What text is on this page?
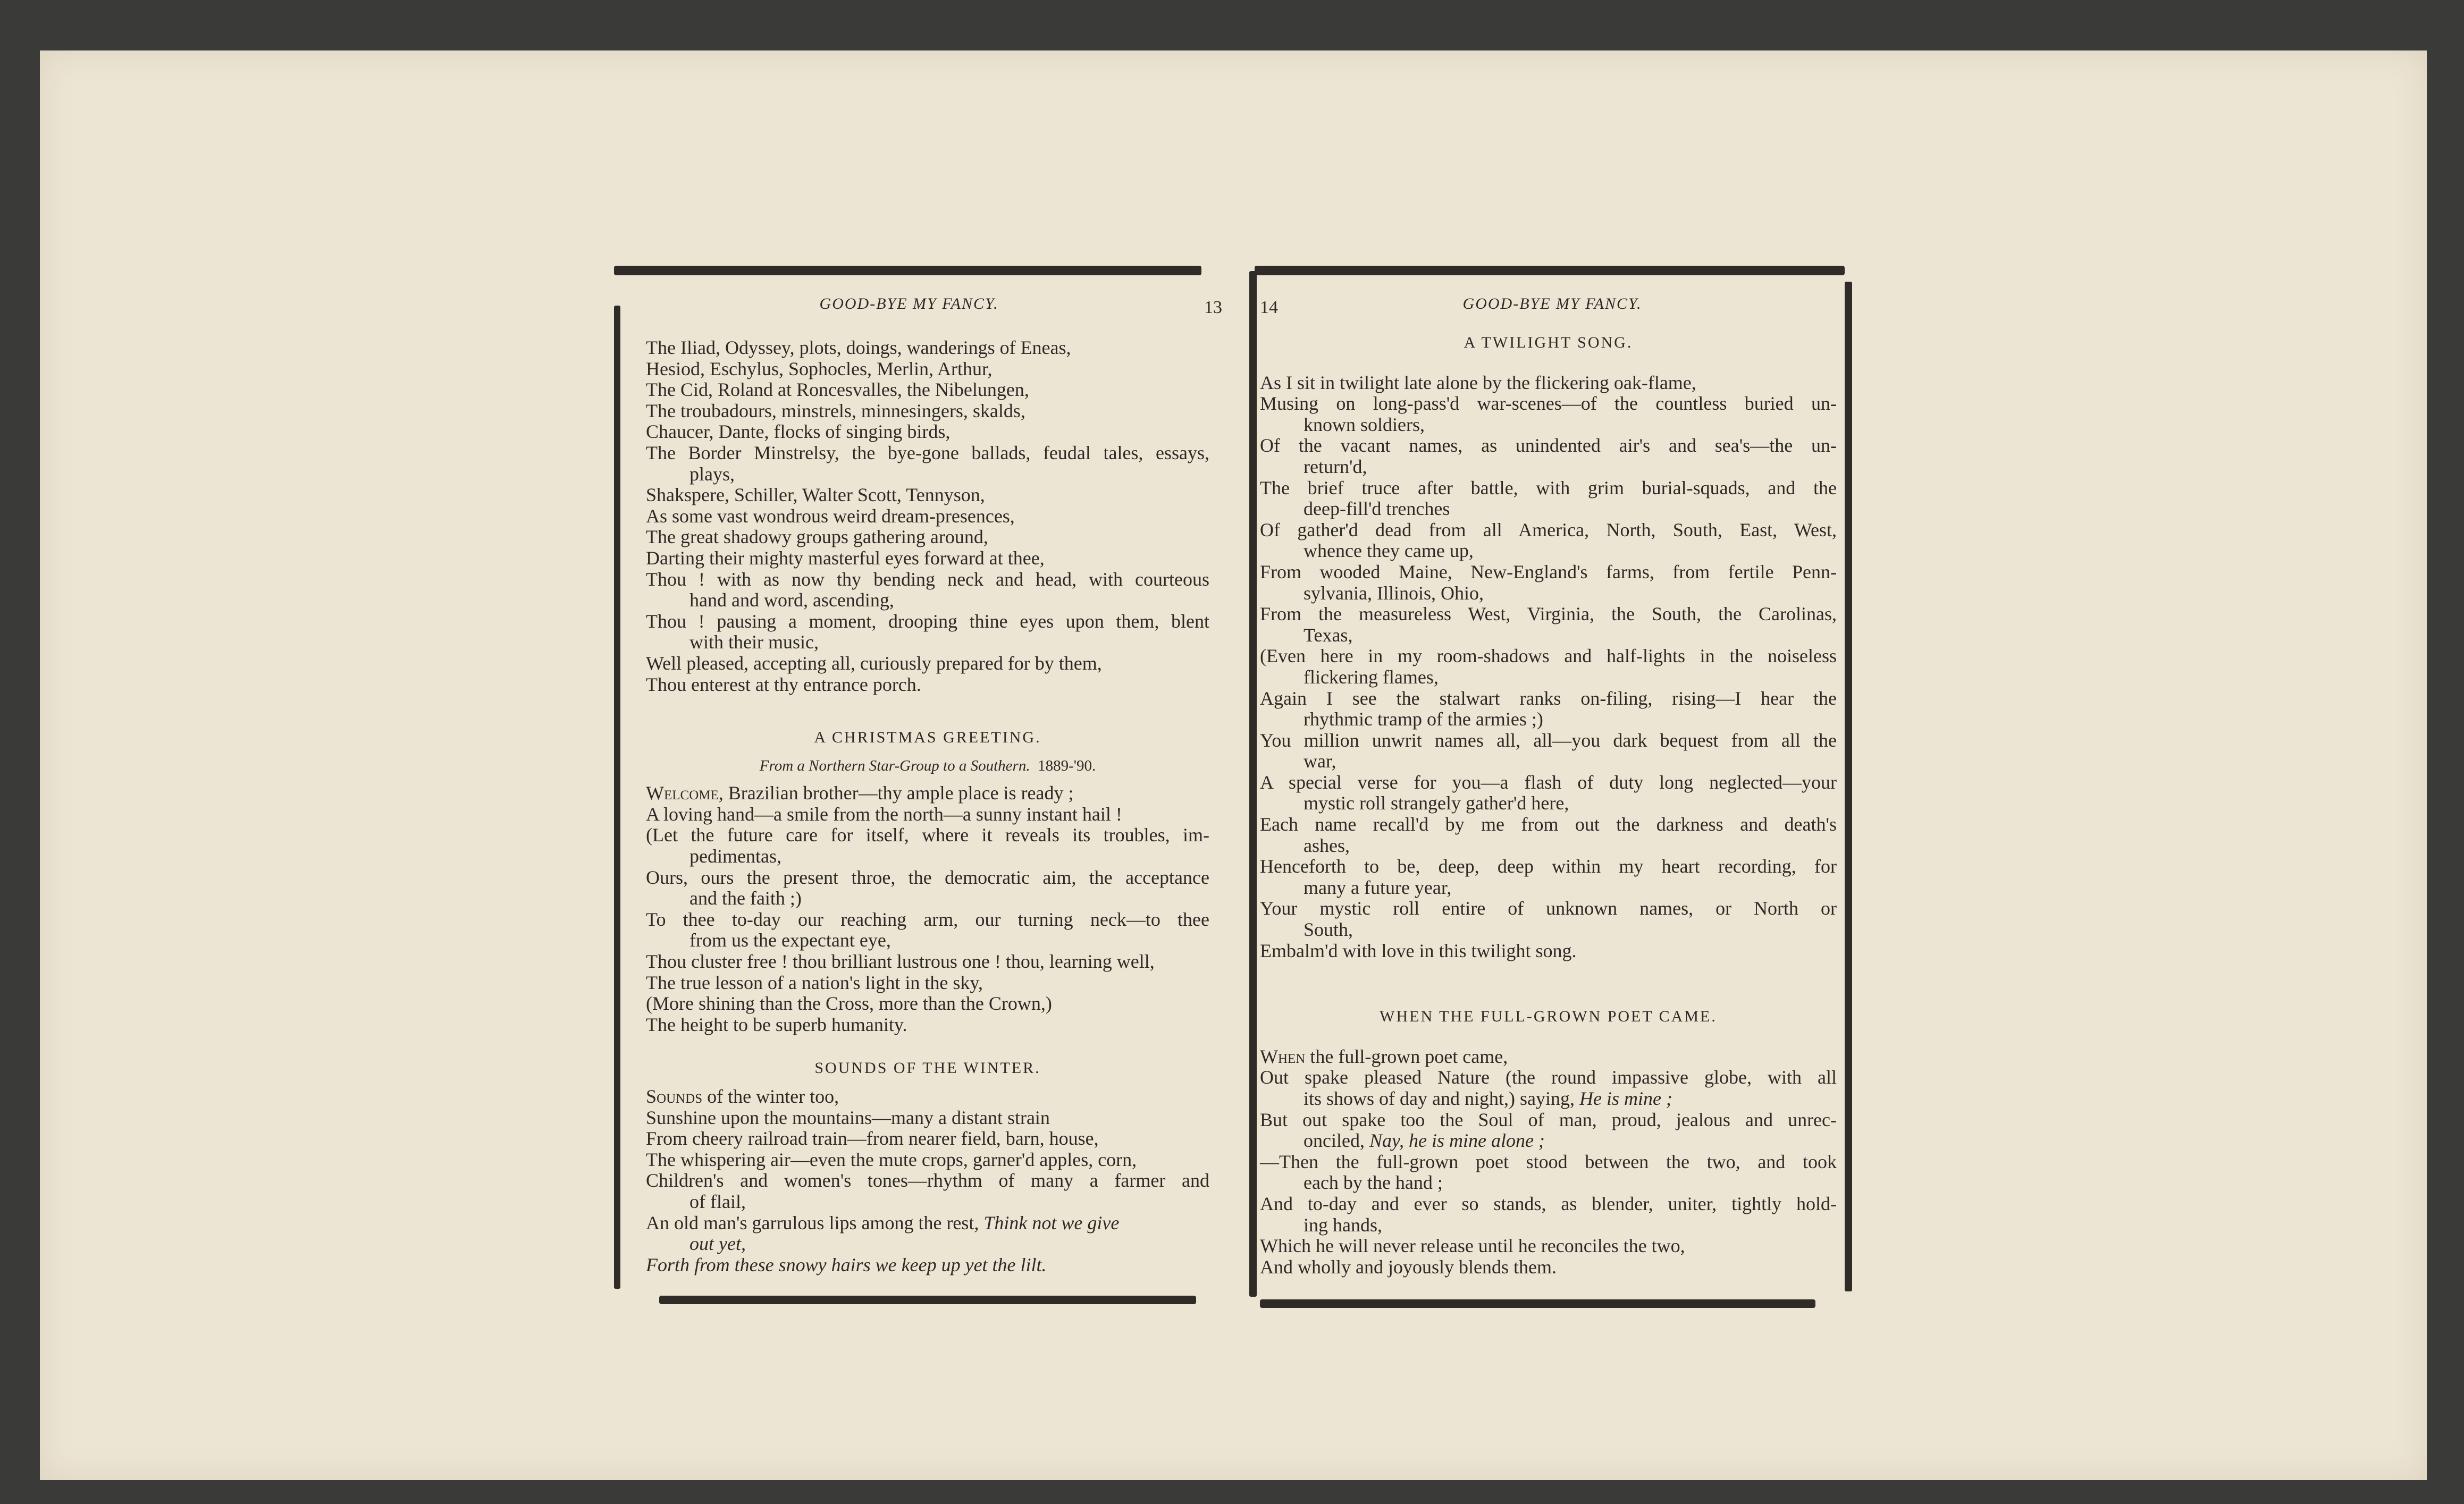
GOOD-BYE MY FANCY.	13
The Iliad, Odyssey, plots, doings, wanderings of Eneas,
Hesiod, Eschylus, Sophocles, Merlin, Arthur,
The Cid, Roland at Roncesvalles, the Nibelungen,
The troubadours, minstrels, minnesingers, skalds,
Chaucer, Dante, flocks of singing birds,
The Border Minstrelsy, the bye-gone ballads, feudal tales, essays,
plays,
Shakspere, Schiller, Walter Scott, Tennyson,
As some vast wondrous weird dream-presences,
The great shadowy groups gathering around,
Darting their mighty masterful eyes forward at thee,
Thou ! with as now thy bending neck and head, with courteous
hand and word, ascending,
Thou ! pausing a moment, drooping thine eyes upon them, blent
with their music,
Well pleased, accepting all, curiously prepared for by them,
Thou enterest at thy entrance porch.
A CHRISTMAS GREETING.
From a Northern Star-Group to a Southern. 1889-'90.
Welcome, Brazilian brother—thy ample place is ready ;
A loving hand—a smile from the north—a sunny instant hail !
(Let the future care for itself, where it reveals its troubles, im-
pedimentas,
Ours, ours the present throe, the democratic aim, the acceptance
and the faith ;)
To thee to-day our reaching arm, our turning neck—to thee
from us the expectant eye,
Thou cluster free ! thou brilliant lustrous one ! thou, learning well,
The true lesson of a nation's light in the sky,
(More shining than the Cross, more than the Crown,)
The height to be superb humanity.
SOUNDS OF THE WINTER.
Sounds of the winter too,
Sunshine upon the mountains—many a distant strain
From cheery railroad train—from nearer field, barn, house,
The whispering air—even the mute crops, garner'd apples, corn,
Children's and women's tones—rhythm of many a farmer and
of flail,
An old man's garrulous lips among the rest, Think not we give
out yet,
Forth from these snowy hairs we keep up yet the lilt.
GOOD-BYE MY FANCY.
14
A TWILIGHT SONG.
As I sit in twilight late alone by the flickering oak-flame,
Musing on long-pass'd war-scenes—of the countless buried un-
known soldiers,
Of the vacant names, as unindented air's and sea's—the un-
return'd,
The brief truce after battle, with grim burial-squads, and the
deep-fill'd trenches
Of gather'd dead from all America, North, South, East, West,
whence they came up,
From wooded Maine, New-England's farms, from fertile Penn-
sylvania, Illinois, Ohio,
From the measureless West, Virginia, the South, the Carolinas,
Texas,
(Even here in my room-shadows and half-lights in the noiseless
flickering flames,
Again I see the stalwart ranks on-filing, rising—I hear the
rhythmic tramp of the armies ;)
You million unwrit names all, all—you dark bequest from all the
war,
A special verse for you—a flash of duty long neglected—your
mystic roll strangely gather'd here,
Each name recall'd by me from out the darkness and death's
ashes,
Henceforth to be, deep, deep within my heart recording, for
many a future year,
Your mystic roll entire of unknown names, or North or
South,
Embalm'd with love in this twilight song.
WHEN THE FULL-GROWN POET CAME.
When the full-grown poet came,
Out spake pleased Nature (the round impassive globe, with all
its shows of day and night,) saying, He is mine ;
But out spake too the Soul of man, proud, jealous and unrec-
onciled, Nay, he is mine alone ;
—Then the full-grown poet stood between the two, and took
each by the hand ;
And to-day and ever so stands, as blender, uniter, tightly hold-
ing hands,
Which he will never release until he reconciles the two,
And wholly and joyously blends them.
